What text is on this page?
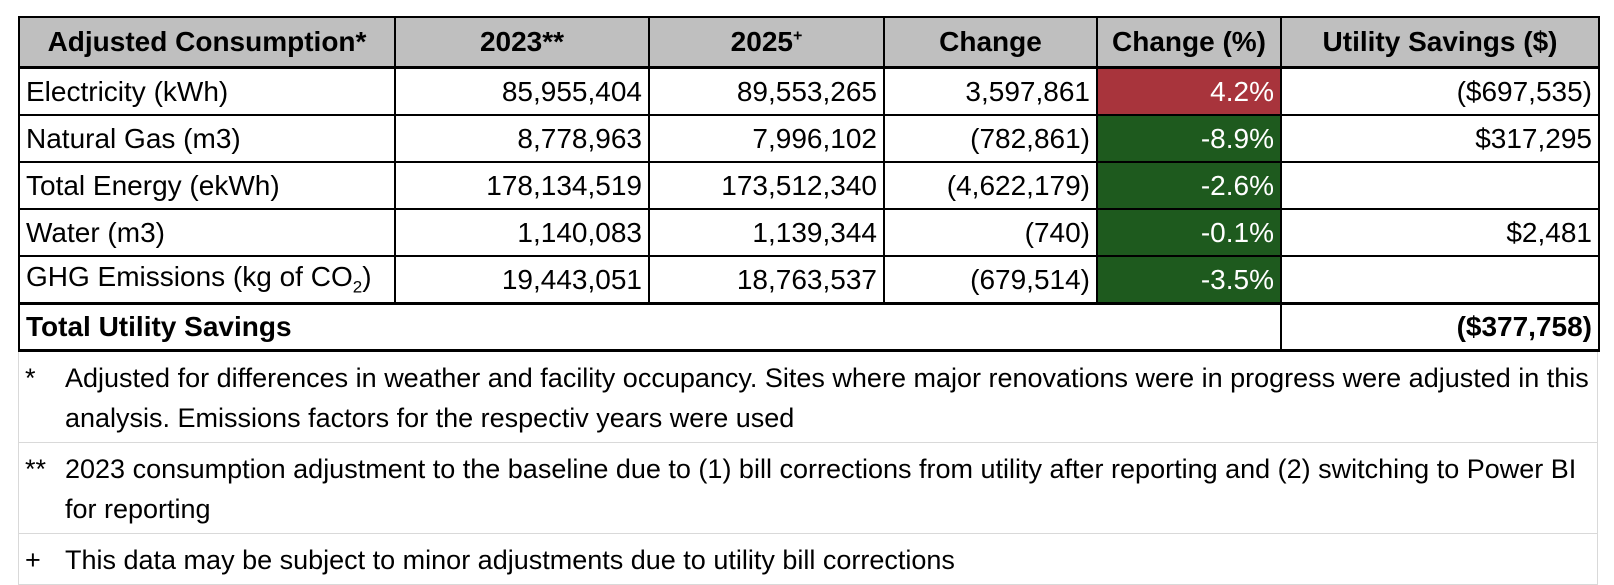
Adjusted Consumption*	2023**	2025+	Change	Change (%)	Utility Savings ($)
Electricity (kWh)	85,955,404	89,553,265	3,597,861	4.2%	($697,535)
Natural Gas (m3)	8,778,963	7,996,102	(782,861)	-8.9%	$317,295
Total Energy (ekWh)	178,134,519	173,512,340	(4,622,179)	-2.6%	
Water (m3)	1,140,083	1,139,344	(740)	-0.1%	$2,481
GHG Emissions (kg of $CO_2$)	19,443,051	18,763,537	(679,514)	-3.5%	
Total Utility Savings					($377,758)
*	Adjusted for differences in weather and facility occupancy. Sites where major renovations were in progress were adjusted in this analysis. Emissions factors for the respectiv years were used
** 2023 consumption adjustment to the baseline due to (1) bill corrections from utility after reporting and (2) switching to Power BI for reporting
+ This data may be subject to minor adjustments due to utility bill corrections
